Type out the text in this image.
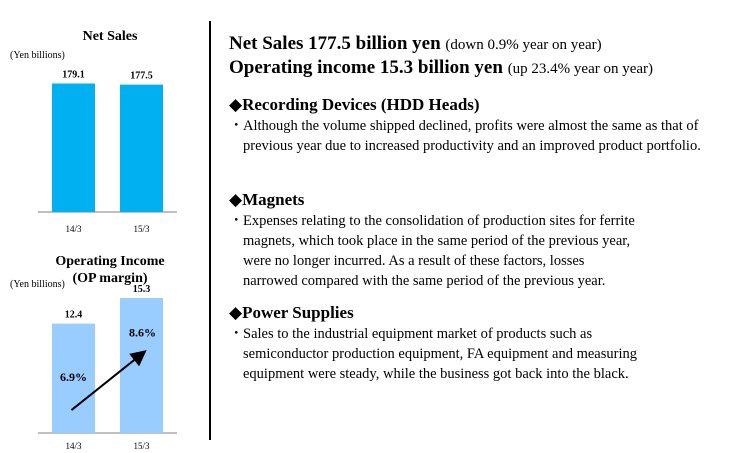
Net Sales
(Yen billions)
Operating Income
(OP margin)
(Yen billions)
179.1
14/3
177.5
15/3
12.4
14/3
15.3
15/3
6.9%
8.6%
Net Sales 177.5 billion yen (down 0.9% year on year)
Operating income 15.3 billion yen (up 23.4% year on year)
◆Recording Devices (HDD Heads)
・ Although the volume shipped declined, profits were almost the same as that of previous year due to increased productivity and an improved product portfolio.
◆Magnets
・ Expenses relating to the consolidation of production sites for ferrite magnets, which took place in the same period of the previous year, were no longer incurred. As a result of these factors, losses narrowed compared with the same period of the previous year.
◆Power Supplies
・ Sales to the industrial equipment market of products such as semiconductor production equipment, FA equipment and measuring equipment were steady, while the business got back into the black.
